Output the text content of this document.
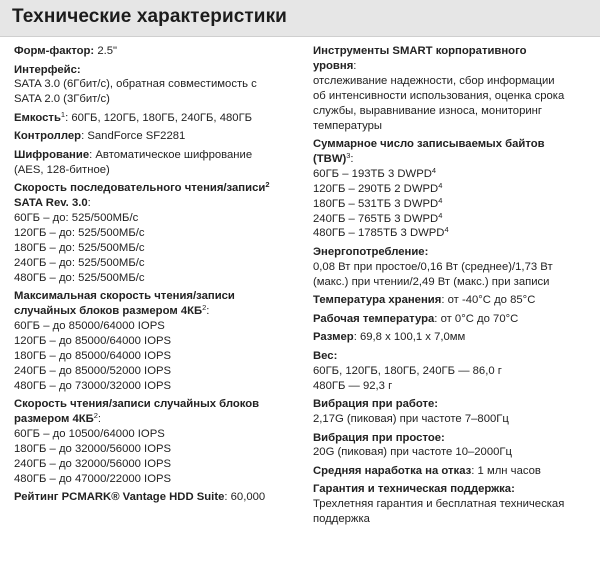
Технические характеристики
Форм-фактор: 2.5"
Интерфейс:
SATA 3.0 (6Гбит/с), обратная совместимость с
SATA 2.0 (3Гбит/с)
Емкость$^1$: 60ГБ, 120ГБ, 180ГБ, 240ГБ, 480ГБ
Контроллер: SandForce SF2281
Шифрование: Автоматическое шифрование
(AES, 128-битное)
Скорость последовательного чтения/записи$^2$
SATA Rev. 3.0:
60ГБ – до: 525/500МБ/с
120ГБ – до: 525/500МБ/с
180ГБ – до: 525/500МБ/с
240ГБ – до: 525/500МБ/с
480ГБ – до: 525/500МБ/с
Максимальная скорость чтения/записи
случайных блоков размером $4КБ^2$:
60ГБ – до 85000/64000 IOPS
120ГБ – до 85000/64000 IOPS
180ГБ – до 85000/64000 IOPS
240ГБ – до 85000/52000 IOPS
480ГБ – до 73000/32000 IOPS
Скорость чтения/записи случайных блоков
размером $4КБ^2$:
60ГБ – до 10500/64000 IOPS
180ГБ – до 32000/56000 IOPS
240ГБ – до 32000/56000 IOPS
480ГБ – до 47000/22000 IOPS
Рейтинг PCMARK® Vantage HDD Suite: 60,000
Инструменты SMART корпоративного
уровня:
отслеживание надежности, сбор информации
об интенсивности использования, оценка срока
службы, выравнивание износа, мониторинг
температуры
Суммарное число записываемых байтов
(TBW)$^3$:
60ГБ – 193ТБ 3 DWPD$^4$
120ГБ – 290ТБ 2 DWPD$^4$
180ГБ – 531ТБ 3 DWPD$^4$
240ГБ – 765ТБ 3 DWPD$^4$
480ГБ – 1785ТБ 3 DWPD$^4$
Энергопотребление:
0,08 Вт при простое/0,16 Вт (среднее)/1,73 Вт
(макс.) при чтении/2,49 Вт (макс.) при записи
Температура хранения: от -40°C до 85°C
Рабочая температура: от 0°C до 70°C
Размер: 69,8 x 100,1 x 7,0мм
Вес:
60ГБ, 120ГБ, 180ГБ, 240ГБ — 86,0 г
480ГБ — 92,3 г
Вибрация при работе:
2,17G (пиковая) при частоте 7–800Гц
Вибрация при простое:
20G (пиковая) при частоте 10–2000Гц
Средняя наработка на отказ: 1 млн часов
Гарантия и техническая поддержка:
Трехлетняя гарантия и бесплатная техническая
поддержка
